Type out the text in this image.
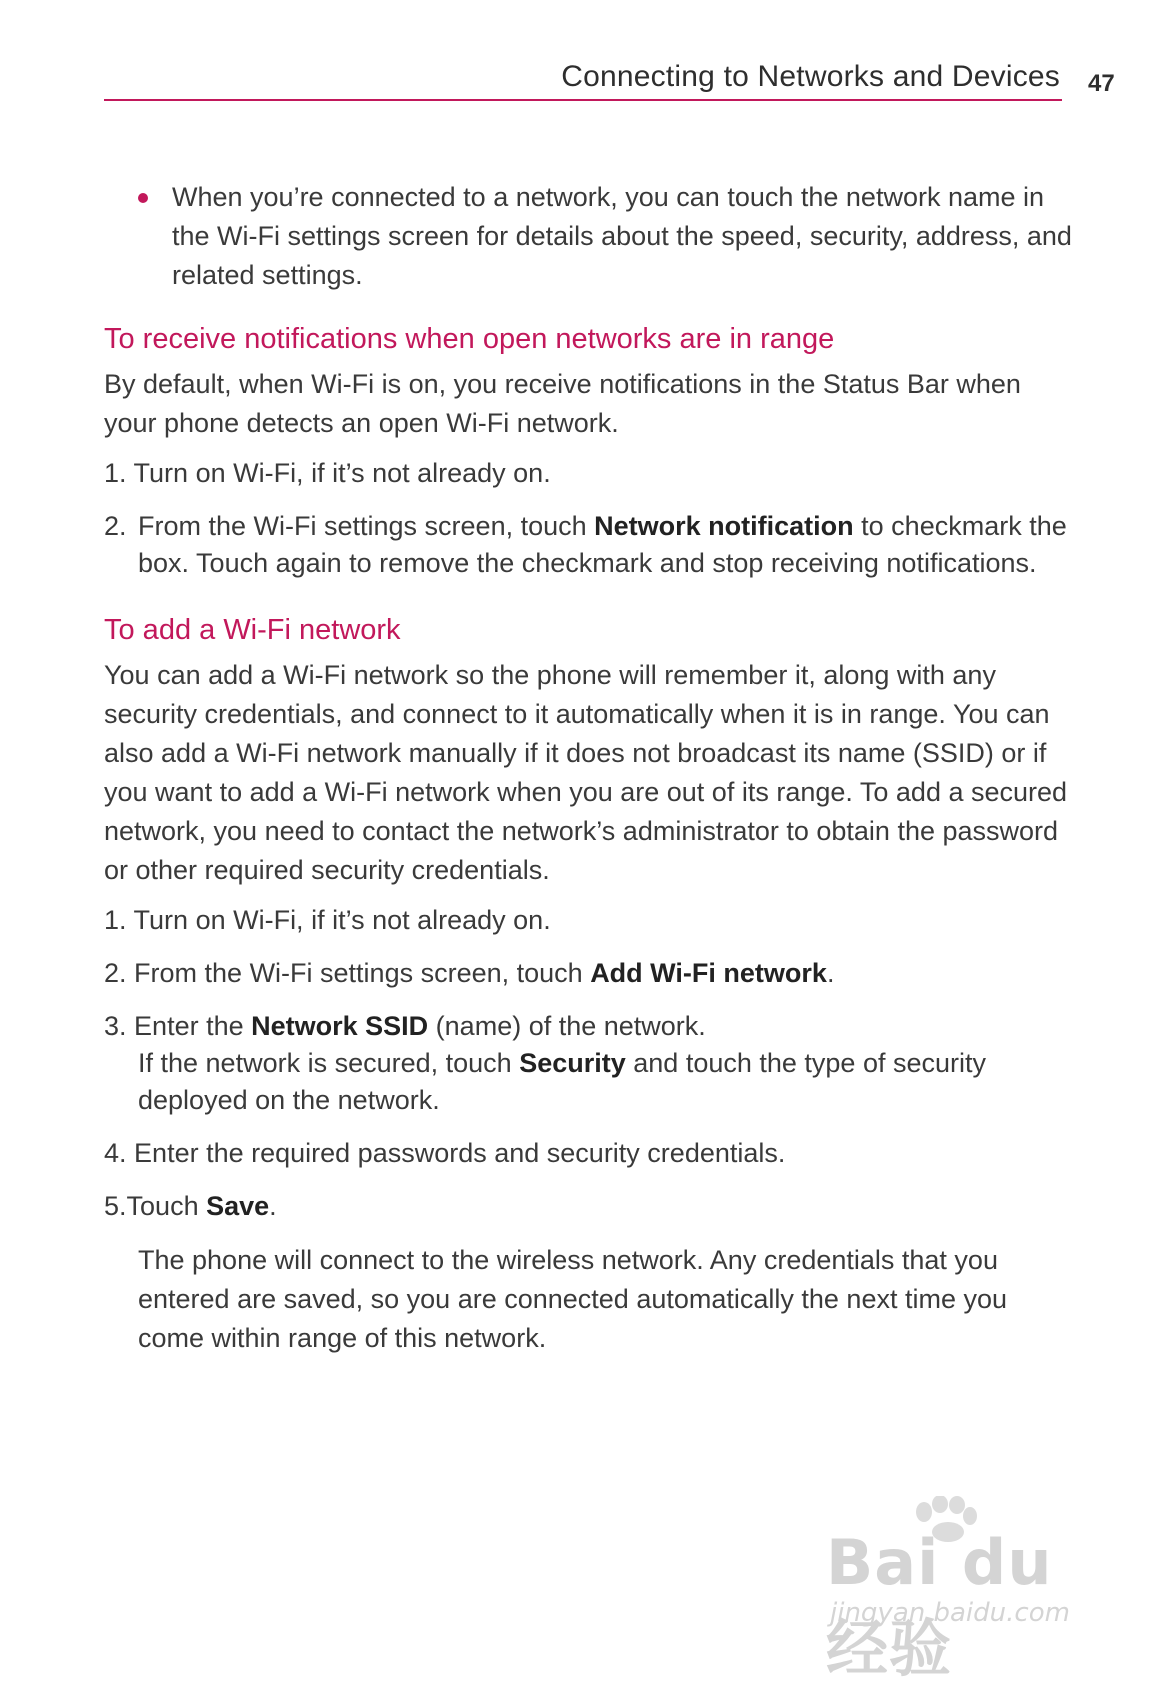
Connecting to Networks and Devices 47
When you’re connected to a network, you can touch the network name in the Wi-Fi settings screen for details about the speed, security, address, and related settings.
To receive notifications when open networks are in range

By default, when Wi-Fi is on, you receive notifications in the Status Bar when your phone detects an open Wi-Fi network.

1. Turn on Wi-Fi, if it’s not already on.
2. From the Wi-Fi settings screen, touch Network notification to checkmark the box. Touch again to remove the checkmark and stop receiving notifications.
To add a Wi-Fi network

You can add a Wi-Fi network so the phone will remember it, along with any security credentials, and connect to it automatically when it is in range. You can also add a Wi-Fi network manually if it does not broadcast its name (SSID) or if you want to add a Wi-Fi network when you are out of its range. To add a secured network, you need to contact the network’s administrator to obtain the password or other required security credentials.

1. Turn on Wi-Fi, if it’s not already on.
2. From the Wi-Fi settings screen, touch Add Wi-Fi network.
3. Enter the Network SSID (name) of the network.
If the network is secured, touch Security and touch the type of security deployed on the network.
4. Enter the required passwords and security credentials.
5.Touch Save.

The phone will connect to the wireless network. Any credentials that you entered are saved, so you are connected automatically the next time you come within range of this network.

Bai du 经验
jingyan.baidu.com
